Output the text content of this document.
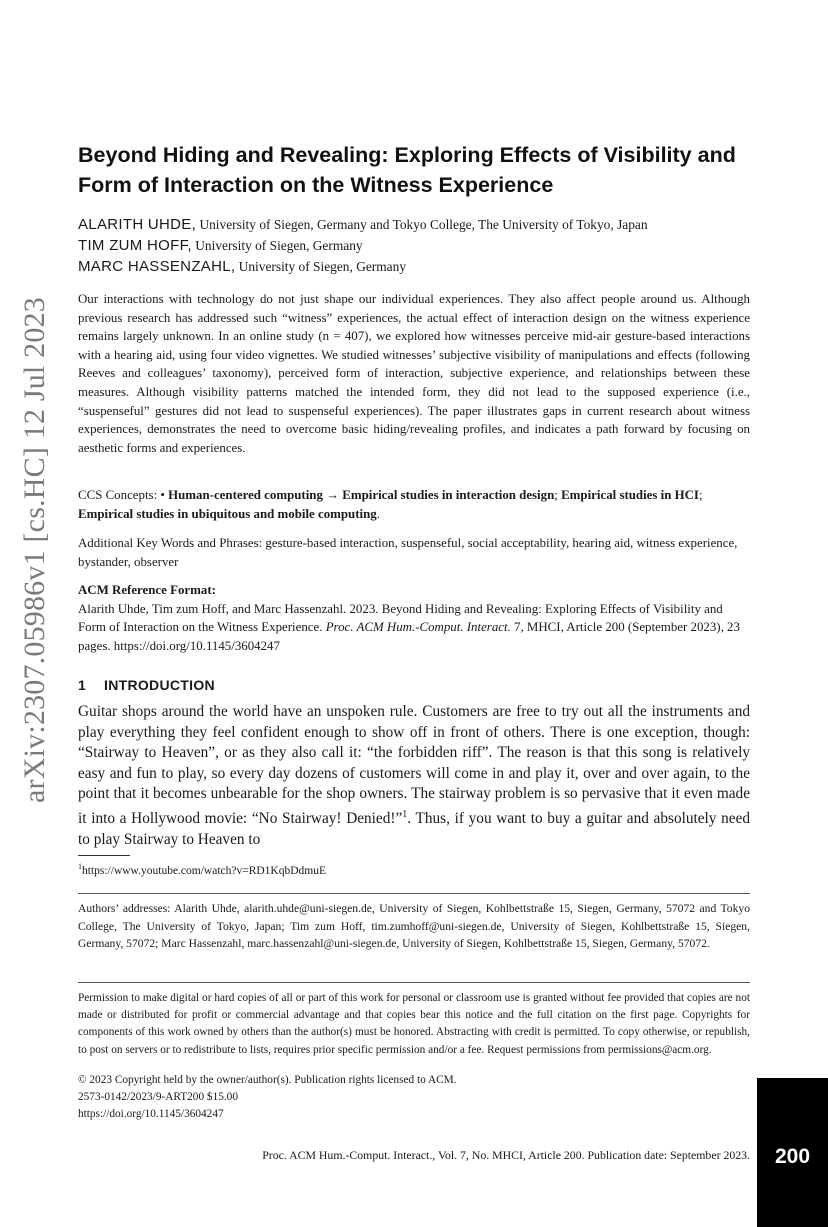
arXiv:2307.05986v1 [cs.HC] 12 Jul 2023
Beyond Hiding and Revealing: Exploring Effects of Visibility and Form of Interaction on the Witness Experience
ALARITH UHDE, University of Siegen, Germany and Tokyo College, The University of Tokyo, Japan
TIM ZUM HOFF, University of Siegen, Germany
MARC HASSENZAHL, University of Siegen, Germany

Our interactions with technology do not just shape our individual experiences. They also affect people around us. Although previous research has addressed such “witness” experiences, the actual effect of interaction design on the witness experience remains largely unknown. In an online study (n = 407), we explored how witnesses perceive mid-air gesture-based interactions with a hearing aid, using four video vignettes. We studied witnesses’ subjective visibility of manipulations and effects (following Reeves and colleagues’ taxonomy), perceived form of interaction, subjective experience, and relationships between these measures. Although visibility patterns matched the intended form, they did not lead to the supposed experience (i.e., “suspenseful” gestures did not lead to suspenseful experiences). The paper illustrates gaps in current research about witness experiences, demonstrates the need to overcome basic hiding/revealing profiles, and indicates a path forward by focusing on aesthetic forms and experiences.

CCS Concepts: • Human-centered computing → Empirical studies in interaction design; Empirical studies in HCI; Empirical studies in ubiquitous and mobile computing.

Additional Key Words and Phrases: gesture-based interaction, suspenseful, social acceptability, hearing aid, witness experience, bystander, observer

ACM Reference Format:
Alarith Uhde, Tim zum Hoff, and Marc Hassenzahl. 2023. Beyond Hiding and Revealing: Exploring Effects of Visibility and Form of Interaction on the Witness Experience. Proc. ACM Hum.-Comput. Interact. 7, MHCI, Article 200 (September 2023), 23 pages. https://doi.org/10.1145/3604247
1 INTRODUCTION

Guitar shops around the world have an unspoken rule. Customers are free to try out all the instruments and play everything they feel confident enough to show off in front of others. There is one exception, though: “Stairway to Heaven”, or as they also call it: “the forbidden riff”. The reason is that this song is relatively easy and fun to play, so every day dozens of customers will come in and play it, over and over again, to the point that it becomes unbearable for the shop owners. The stairway problem is so pervasive that it even made it into a Hollywood movie: “No Stairway! Denied!”$^1$. Thus, if you want to buy a guitar and absolutely need to play Stairway to Heaven to

$^1$https://www.youtube.com/watch?v=RD1KqbDdmuE

Authors’ addresses: Alarith Uhde, alarith.uhde@uni-siegen.de, University of Siegen, Kohlbettstraße 15, Siegen, Germany, 57072 and Tokyo College, The University of Tokyo, Japan; Tim zum Hoff, tim.zumhoff@uni-siegen.de, University of Siegen, Kohlbettstraße 15, Siegen, Germany, 57072; Marc Hassenzahl, marc.hassenzahl@uni-siegen.de, University of Siegen, Kohlbettstraße 15, Siegen, Germany, 57072.

Permission to make digital or hard copies of all or part of this work for personal or classroom use is granted without fee provided that copies are not made or distributed for profit or commercial advantage and that copies bear this notice and the full citation on the first page. Copyrights for components of this work owned by others than the author(s) must be honored. Abstracting with credit is permitted. To copy otherwise, or republish, to post on servers or to redistribute to lists, requires prior specific permission and/or a fee. Request permissions from permissions@acm.org.

© 2023 Copyright held by the owner/author(s). Publication rights licensed to ACM.
2573-0142/2023/9-ART200 $15.00
https://doi.org/10.1145/3604247
Proc. ACM Hum.-Comput. Interact., Vol. 7, No. MHCI, Article 200. Publication date: September 2023.	200
